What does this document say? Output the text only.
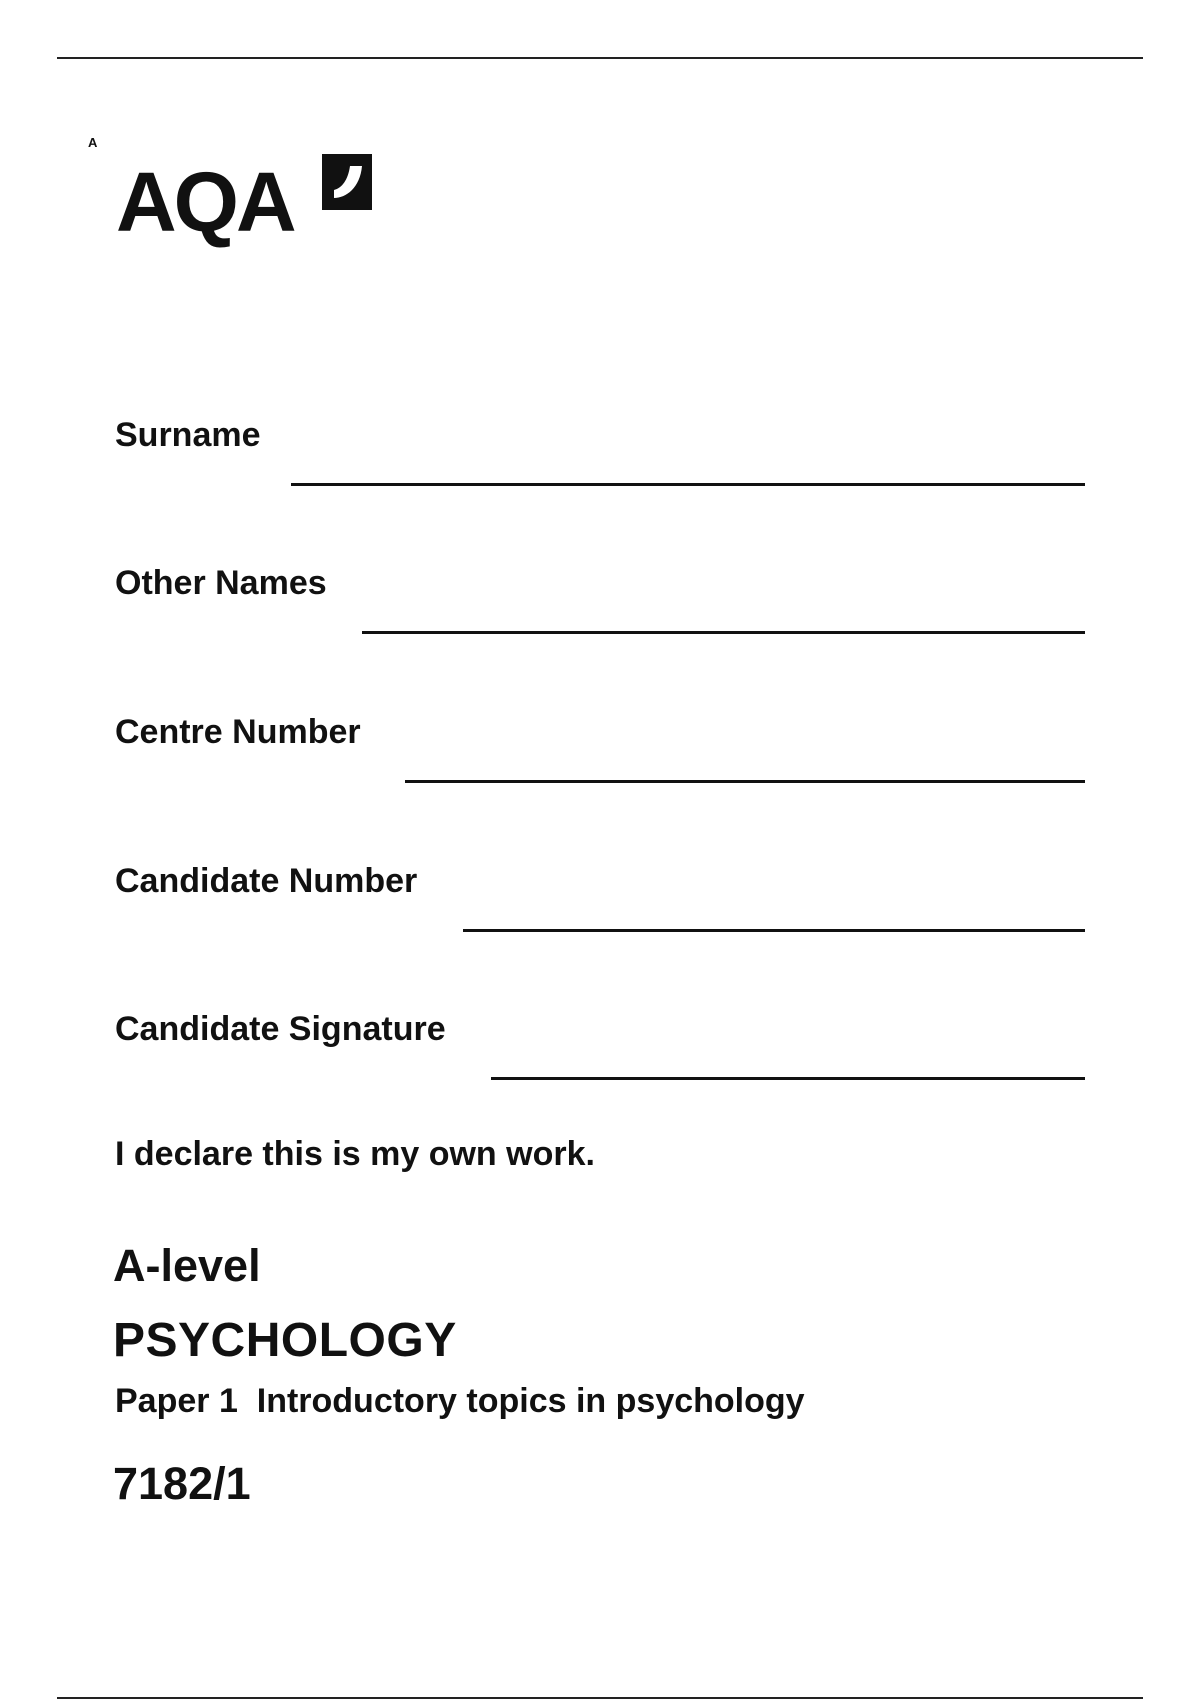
A
AQA
Surname
Other Names
Centre Number
Candidate Number
Candidate Signature
I declare this is my own work.
A-level
PSYCHOLOGY
Paper 1  Introductory topics in psychology
7182/1
